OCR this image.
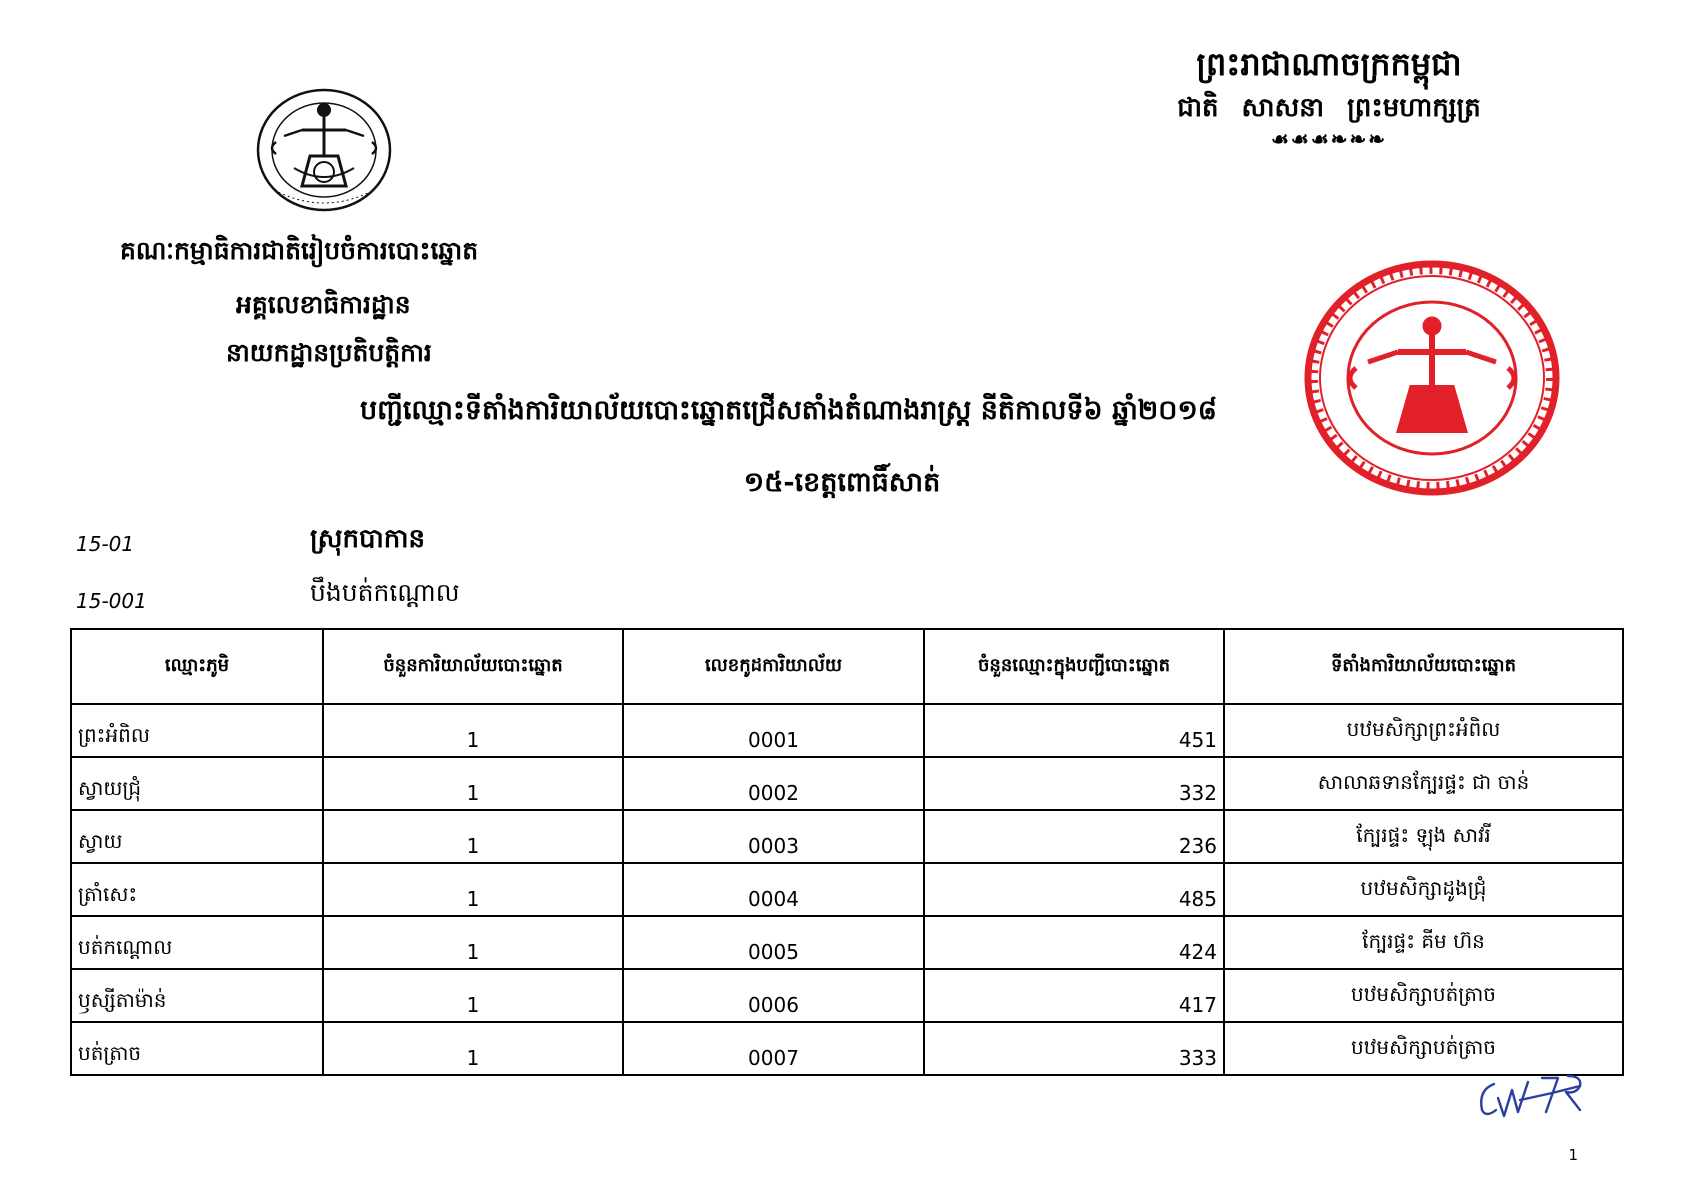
ព្រះរាជាណាចក្រកម្ពុជា
ជាតិ សាសនា ព្រះមហាក្សត្រ
☙☙☙❧❧❧
គណៈកម្មាធិការជាតិរៀបចំការបោះឆ្នោត
អគ្គលេខាធិការដ្ឋាន
នាយកដ្ឋានប្រតិបត្តិការ
បញ្ជីឈ្មោះទីតាំងការិយាល័យបោះឆ្នោតជ្រើសតាំងតំណាងរាស្ត្រ នីតិកាលទី៦ ឆ្នាំ២០១៨
១៥-ខេត្តពោធិ៍សាត់
15-01	ស្រុកបាកាន
15-001	បឹងបត់កណ្តោល
ឈ្មោះភូមិ	ចំនួនការិយាល័យបោះឆ្នោត	លេខកូដការិយាល័យ	ចំនួនឈ្មោះក្នុងបញ្ជីបោះឆ្នោត	ទីតាំងការិយាល័យបោះឆ្នោត
ព្រះអំពិល	1	0001	451	បឋមសិក្សាព្រះអំពិល
ស្វាយជ្រុំ	1	0002	332	សាលាឆទានក្បែរផ្ទះ ជា ចាន់
ស្វាយ	1	0003	236	ក្បែរផ្ទះ ឡុង សាវរី
ត្រាំសេះ	1	0004	485	បឋមសិក្សាដូងជ្រុំ
បត់កណ្តោល	1	0005	424	ក្បែរផ្ទះ គីម ហ៊ន
ឫស្សីតាម៉ាន់	1	0006	417	បឋមសិក្សាបត់ត្រាច
បត់ត្រាច	1	0007	333	បឋមសិក្សាបត់ត្រាច
1
